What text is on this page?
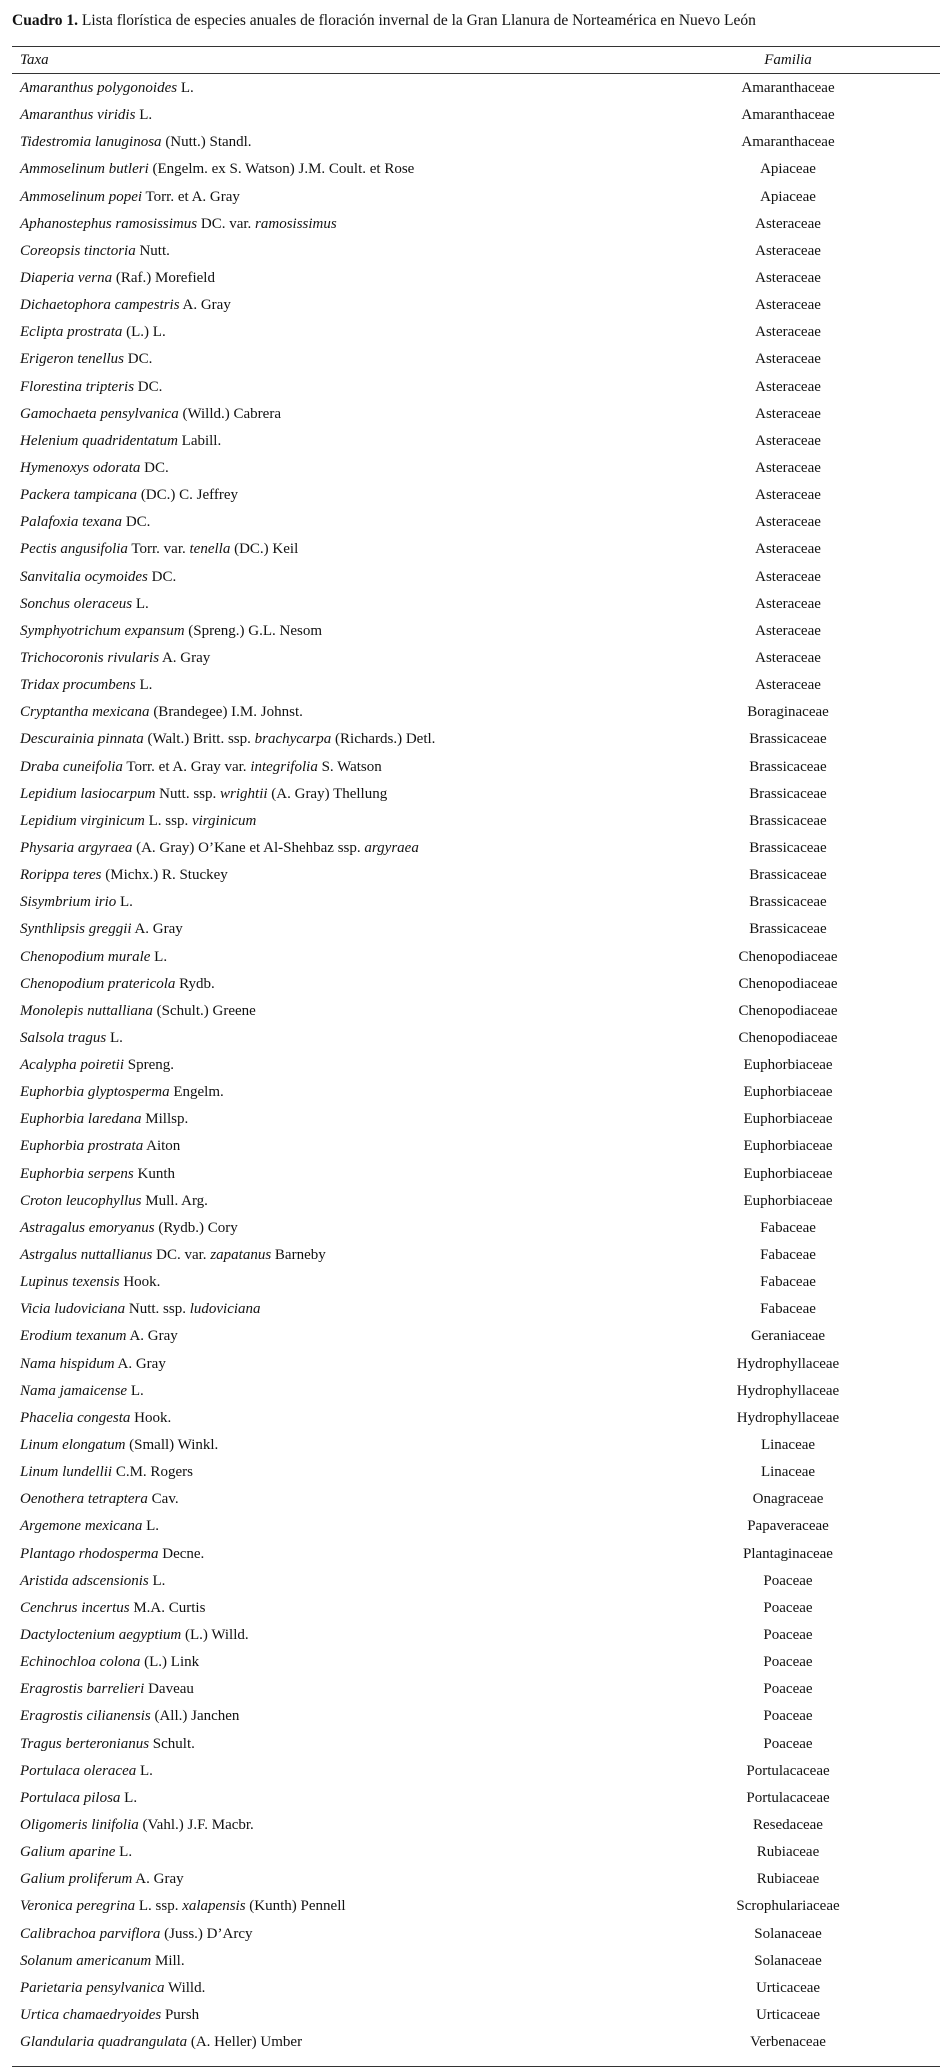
Cuadro 1. Lista florística de especies anuales de floración invernal de la Gran Llanura de Norteamérica en Nuevo León
Taxa	Familia
Amaranthus polygonoides L.	Amaranthaceae
Amaranthus viridis L.	Amaranthaceae
Tidestromia lanuginosa (Nutt.) Standl.	Amaranthaceae
Ammoselinum butleri (Engelm. ex S. Watson) J.M. Coult. et Rose	Apiaceae
Ammoselinum popei Torr. et A. Gray	Apiaceae
Aphanostephus ramosissimus DC. var. ramosissimus	Asteraceae
Coreopsis tinctoria Nutt.	Asteraceae
Diaperia verna (Raf.) Morefield	Asteraceae
Dichaetophora campestris A. Gray	Asteraceae
Eclipta prostrata (L.) L.	Asteraceae
Erigeron tenellus DC.	Asteraceae
Florestina tripteris DC.	Asteraceae
Gamochaeta pensylvanica (Willd.) Cabrera	Asteraceae
Helenium quadridentatum Labill.	Asteraceae
Hymenoxys odorata DC.	Asteraceae
Packera tampicana (DC.) C. Jeffrey	Asteraceae
Palafoxia texana DC.	Asteraceae
Pectis angusifolia Torr. var. tenella (DC.) Keil	Asteraceae
Sanvitalia ocymoides DC.	Asteraceae
Sonchus oleraceus L.	Asteraceae
Symphyotrichum expansum (Spreng.) G.L. Nesom	Asteraceae
Trichocoronis rivularis A. Gray	Asteraceae
Tridax procumbens L.	Asteraceae
Cryptantha mexicana (Brandegee) I.M. Johnst.	Boraginaceae
Descurainia pinnata (Walt.) Britt. ssp. brachycarpa (Richards.) Detl.	Brassicaceae
Draba cuneifolia Torr. et A. Gray var. integrifolia S. Watson	Brassicaceae
Lepidium lasiocarpum Nutt. ssp. wrightii (A. Gray) Thellung	Brassicaceae
Lepidium virginicum L. ssp. virginicum	Brassicaceae
Physaria argyraea (A. Gray) O’Kane et Al-Shehbaz ssp. argyraea	Brassicaceae
Rorippa teres (Michx.) R. Stuckey	Brassicaceae
Sisymbrium irio L.	Brassicaceae
Synthlipsis greggii A. Gray	Brassicaceae
Chenopodium murale L.	Chenopodiaceae
Chenopodium pratericola Rydb.	Chenopodiaceae
Monolepis nuttalliana (Schult.) Greene	Chenopodiaceae
Salsola tragus L.	Chenopodiaceae
Acalypha poiretii Spreng.	Euphorbiaceae
Euphorbia glyptosperma Engelm.	Euphorbiaceae
Euphorbia laredana Millsp.	Euphorbiaceae
Euphorbia prostrata Aiton	Euphorbiaceae
Euphorbia serpens Kunth	Euphorbiaceae
Croton leucophyllus Mull. Arg.	Euphorbiaceae
Astragalus emoryanus (Rydb.) Cory	Fabaceae
Astrgalus nuttallianus DC. var. zapatanus Barneby	Fabaceae
Lupinus texensis Hook.	Fabaceae
Vicia ludoviciana Nutt. ssp. ludoviciana	Fabaceae
Erodium texanum A. Gray	Geraniaceae
Nama hispidum A. Gray	Hydrophyllaceae
Nama jamaicense L.	Hydrophyllaceae
Phacelia congesta Hook.	Hydrophyllaceae
Linum elongatum (Small) Winkl.	Linaceae
Linum lundellii C.M. Rogers	Linaceae
Oenothera tetraptera Cav.	Onagraceae
Argemone mexicana L.	Papaveraceae
Plantago rhodosperma Decne.	Plantaginaceae
Aristida adscensionis L.	Poaceae
Cenchrus incertus M.A. Curtis	Poaceae
Dactyloctenium aegyptium (L.) Willd.	Poaceae
Echinochloa colona (L.) Link	Poaceae
Eragrostis barrelieri Daveau	Poaceae
Eragrostis cilianensis (All.) Janchen	Poaceae
Tragus berteronianus Schult.	Poaceae
Portulaca oleracea L.	Portulacaceae
Portulaca pilosa L.	Portulacaceae
Oligomeris linifolia (Vahl.) J.F. Macbr.	Resedaceae
Galium aparine L.	Rubiaceae
Galium proliferum A. Gray	Rubiaceae
Veronica peregrina L. ssp. xalapensis (Kunth) Pennell	Scrophulariaceae
Calibrachoa parviflora (Juss.) D’Arcy	Solanaceae
Solanum americanum Mill.	Solanaceae
Parietaria pensylvanica Willd.	Urticaceae
Urtica chamaedryoides Pursh	Urticaceae
Glandularia quadrangulata (A. Heller) Umber	Verbenaceae
